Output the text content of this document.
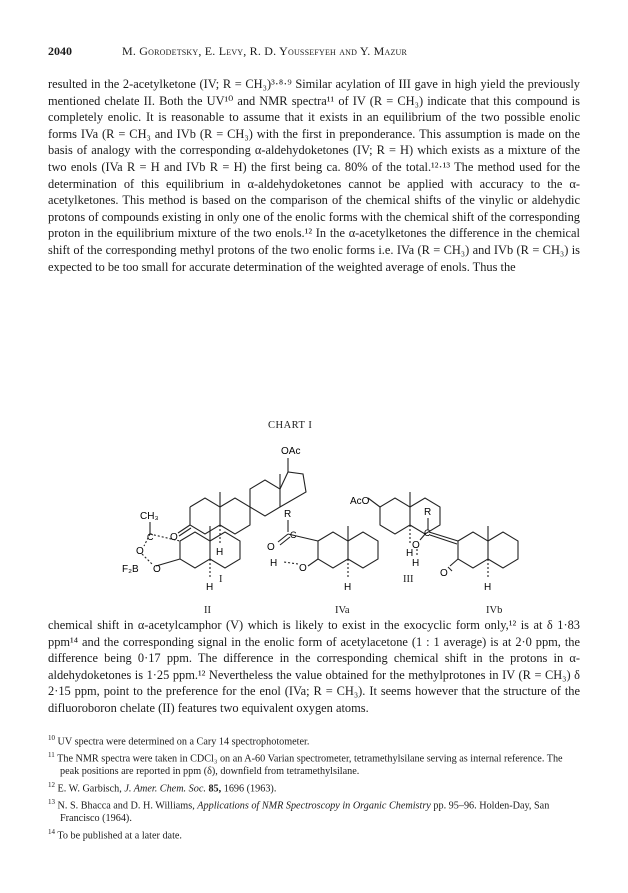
2040	M. Gorodetsky, E. Levy, R. D. Youssefyeh and Y. Mazur

resulted in the 2-acetylketone (IV; R = CH₃)³·⁸·⁹ Similar acylation of III gave in high yield the previously mentioned chelate II. Both the UV¹⁰ and NMR spectra¹¹ of IV (R = CH₃) indicate that this compound is completely enolic. It is reasonable to assume that it exists in an equilibrium of the two possible enolic forms IVa (R = CH₃ and IVb (R = CH₃) with the first in preponderance. This assumption is made on the basis of analogy with the corresponding α-aldehydoketones (IV; R = H) which exists as a mixture of the two enols (IVa R = H and IVb R = H) the first being ca. 80% of the total.¹²·¹³ The method used for the determination of this equilibrium in α-aldehydoketones cannot be applied with accuracy to the α-acetylketones. This method is based on the comparison of the chemical shifts of the vinylic or aldehydic protons of compounds existing in only one of the enolic forms with the chemical shift of the corresponding proton in the equilibrium mixture of the two enols.¹² In the α-acetylketones the difference in the chemical shift of the corresponding methyl protons of the two enolic forms i.e. IVa (R = CH₃) and IVb (R = CH₃) is expected to be too small for accurate determination of the weighted average of enols. Thus the

CHART I
O
H
OAc
I
AcO
H
III
CH₃
C
O
F₂B O
H
II
R
C
O
H O
H
IVa
R
C
O
H
O
H
IVb

chemical shift in α-acetylcamphor (V) which is likely to exist in the exocyclic form only,¹² is at δ 1·83 ppm¹⁴ and the corresponding signal in the enolic form of acetylacetone (1 : 1 average) is at 2·0 ppm, the difference being 0·17 ppm. The difference in the corresponding chemical shift in the protons in α-aldehydoketones is 1·25 ppm.¹² Nevertheless the value obtained for the methylprotones in IV (R = CH₃) δ 2·15 ppm, point to the preference for the enol (IVa; R = CH₃). It seems however that the structure of the difluoroboron chelate (II) features two equivalent oxygen atoms.

$^{10}$ UV spectra were determined on a Cary 14 spectrophotometer.

$^{11}$ The NMR spectra were taken in CDCl₃ on an A-60 Varian spectrometer, tetramethylsilane serving as internal reference. The peak positions are reported in ppm (δ), downfield from tetramethylsilane.

$^{12}$ E. W. Garbisch, J. Amer. Chem. Soc. 85, 1696 (1963).

$^{13}$ N. S. Bhacca and D. H. Williams, Applications of NMR Spectroscopy in Organic Chemistry pp. 95–96. Holden-Day, San Francisco (1964).

$^{14}$ To be published at a later date.
